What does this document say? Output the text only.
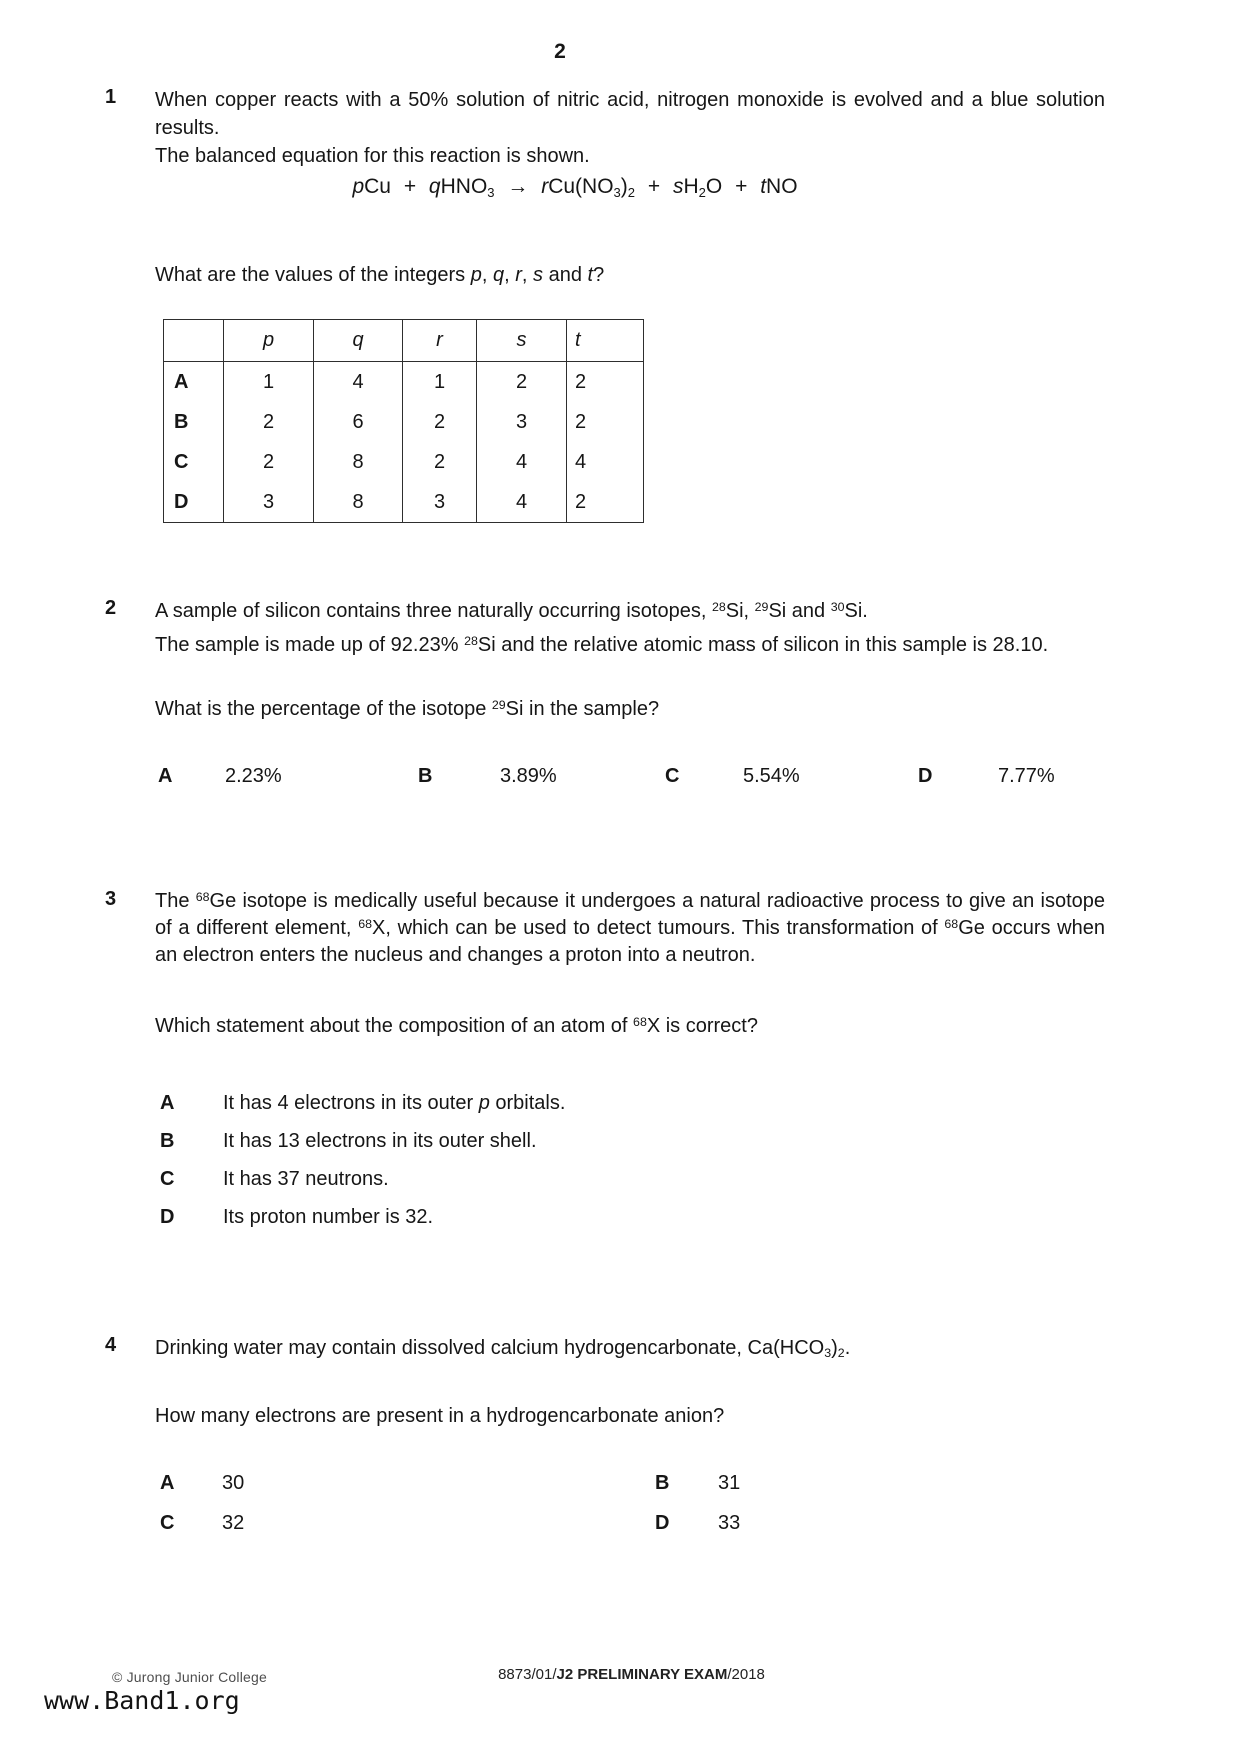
2
1	When copper reacts with a 50% solution of nitric acid, nitrogen monoxide is evolved and a blue solution results.

The balanced equation for this reaction is shown.

pCu + qHNO$_3$ → $rCu(NO_3)_2 + sH_2O$ + tNO
What are the values of the integers p, q, r, s and t?
	p	q	r	s	t
A	1	4	1	2	2
B	2	6	2	3	2
C	2	8	2	4	4
D	3	8	3	4	2
2	A sample of silicon contains three naturally occurring isotopes, $^{28}$Si, $^{29}$Si and $^{30}$Si.

The sample is made up of 92.23% $^{28}$Si and the relative atomic mass of silicon in this sample is 28.10.

What is the percentage of the isotope $^{29}$Si in the sample?
A	2.23%	B	3.89%	C	5.54%	D	7.77%
3	The $^{68}$Ge isotope is medically useful because it undergoes a natural radioactive process to give an isotope of a different element, $^{68}$X, which can be used to detect tumours. This transformation of $^{68}$Ge occurs when an electron enters the nucleus and changes a proton into a neutron.

Which statement about the composition of an atom of $^{68}$X is correct?
A	It has 4 electrons in its outer p orbitals.
B	It has 13 electrons in its outer shell.
C	It has 37 neutrons.
D	Its proton number is 32.
4	Drinking water may contain dissolved calcium hydrogencarbonate, $Ca(HCO_3)_2$.

How many electrons are present in a hydrogencarbonate anion?
A 30	B 31
C 32	D 33
© Jurong Junior College	8873/01/J2 PRELIMINARY EXAM/2018
www.Band1.org
